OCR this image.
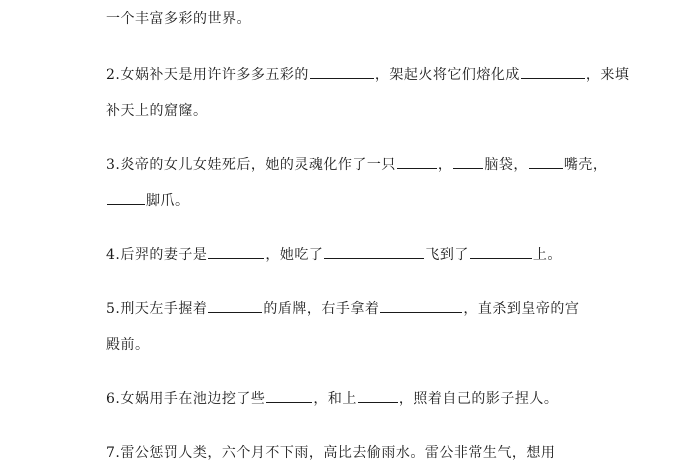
一个丰富多彩的世界。
2.女娲补天是用许许多多五彩的	，架起火将它们熔化成	，来填
补天上的窟窿。
3.炎帝的女儿女娃死后，她的灵魂化作了一只	， 脑袋，	嘴壳，
脚爪。
4.后羿的妻子是	，她吃了	飞到了	上。
5.刑天左手握着	的盾牌，右手拿着	，直杀到皇帝的宫
殿前。
6.女娲用手在池边挖了些	，和上	，照着自己的影子捏人。
7.雷公惩罚人类，六个月不下雨，高比去偷雨水。雷公非常生气，想用
